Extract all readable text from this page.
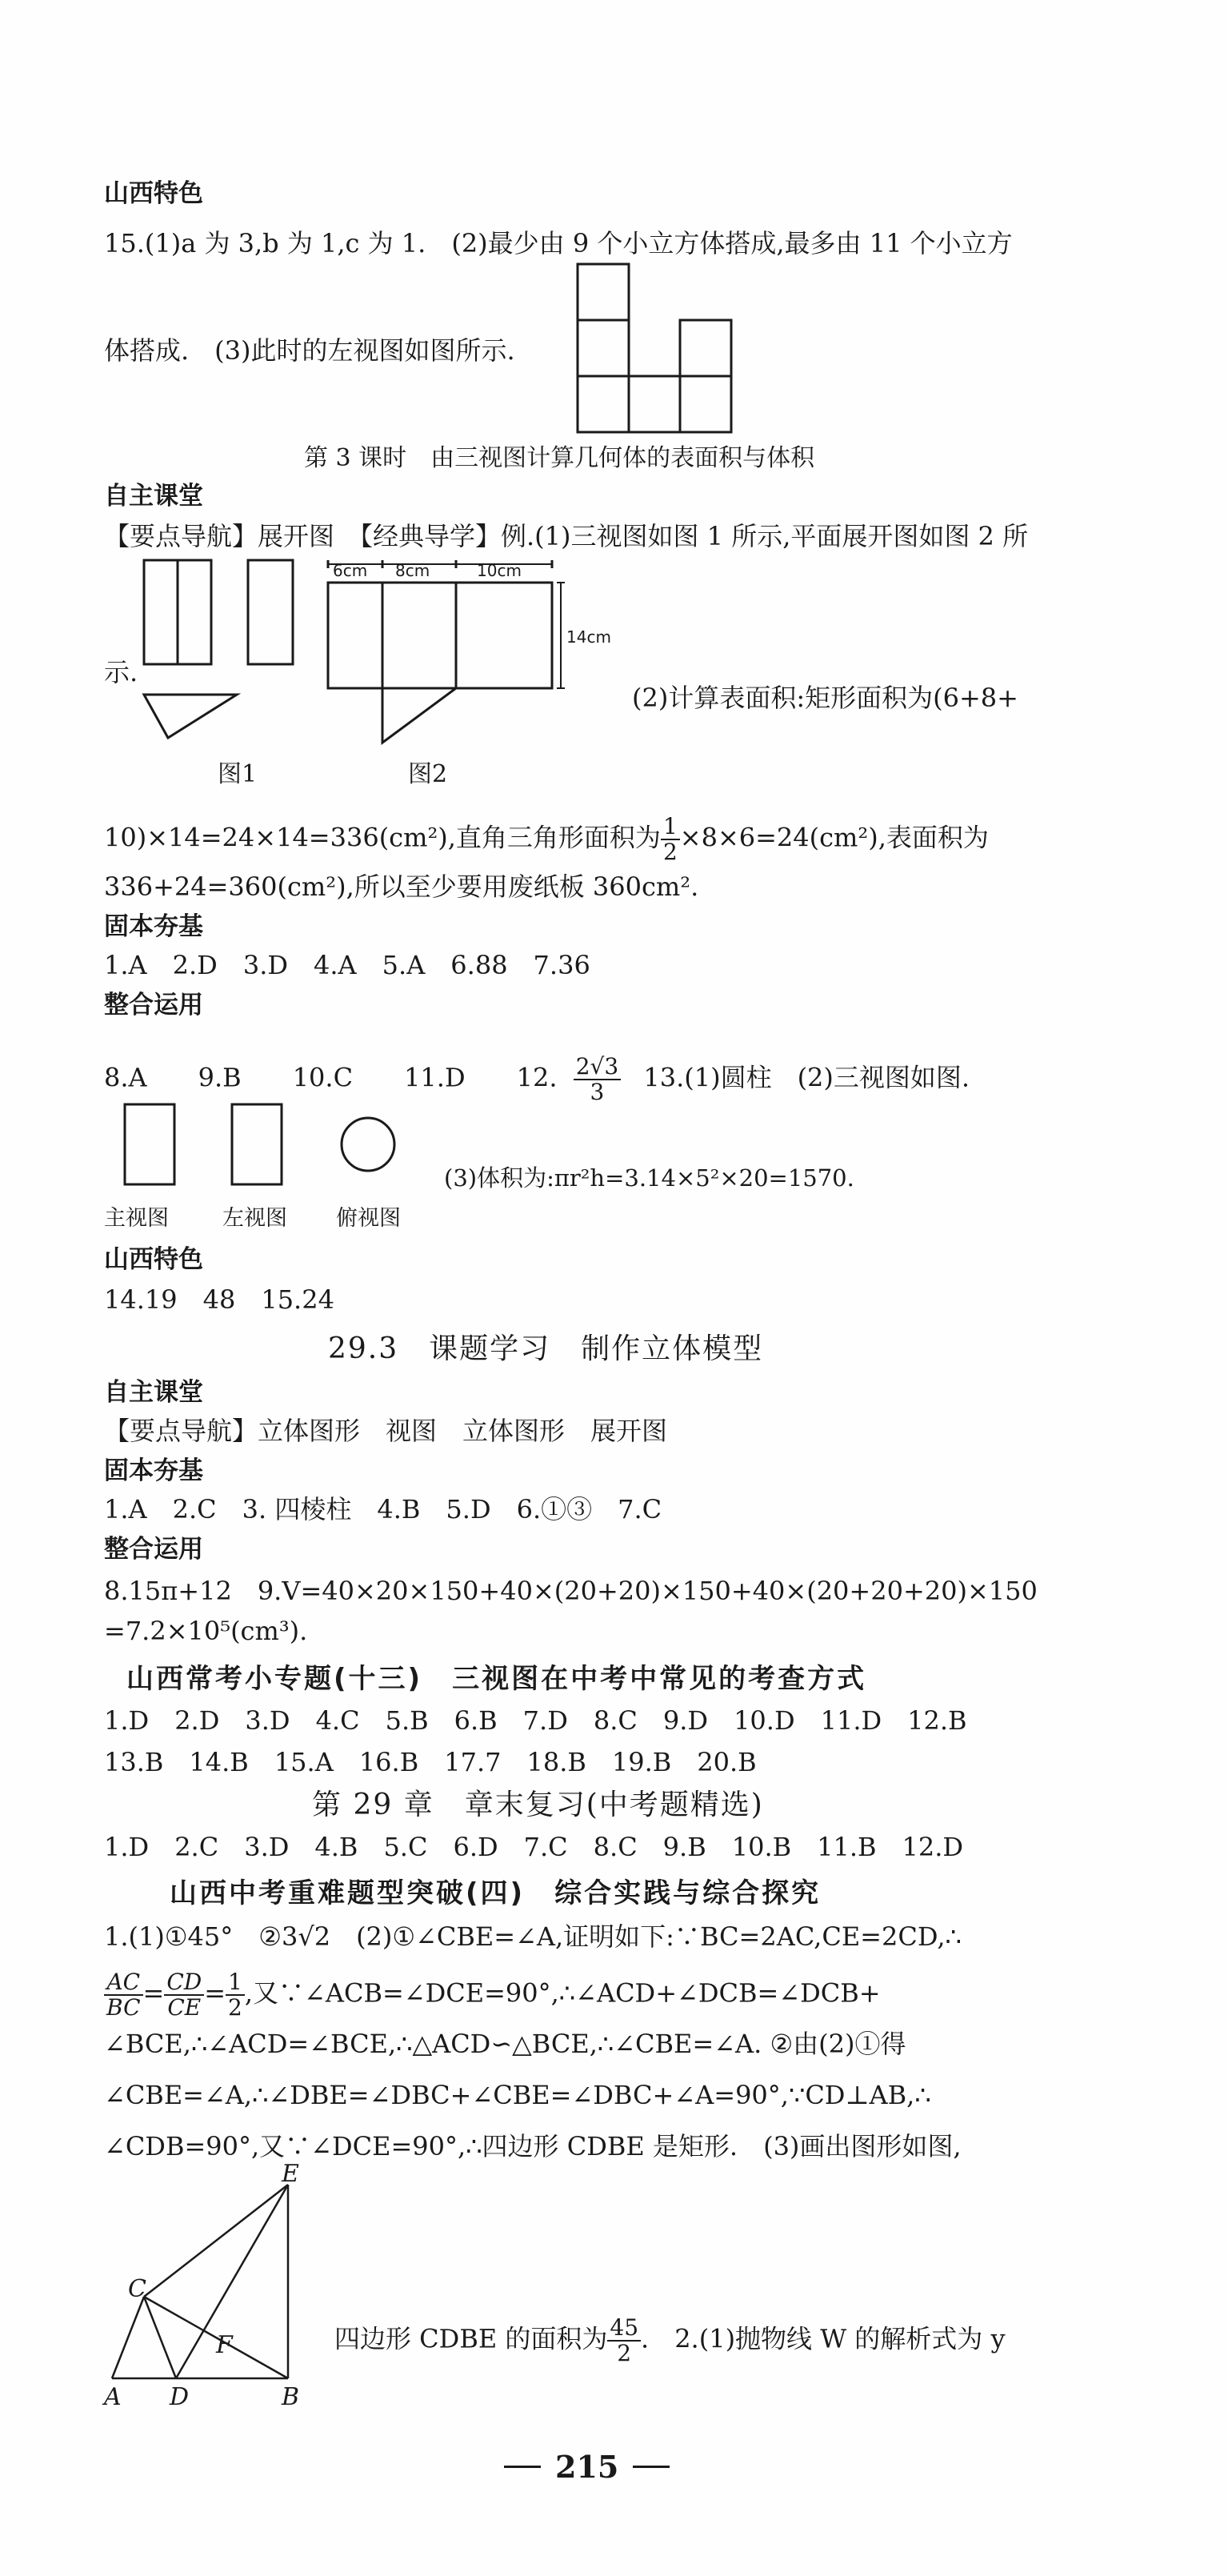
山西特色
15.(1)a 为 3,b 为 1,c 为 1.　(2)最少由 9 个小立方体搭成,最多由 11 个小立方
体搭成.　(3)此时的左视图如图所示.
第 3 课时　由三视图计算几何体的表面积与体积
自主课堂
【要点导航】展开图　【经典导学】例.(1)三视图如图 1 所示,平面展开图如图 2 所
示.
6cm 8cm	10cm
14cm
(2)计算表面积:矩形面积为(6+8+
图1	图2
10)×14=24×14=336(cm²),直角三角形面积为 $\frac{1}{2} \times 8\times 6=24(cm^2)$,表面积为
336+24=360(cm²),所以至少要用废纸板 360cm².
固本夯基
1.A　2.D　3.D　4.A　5.A　6.88　7.36
整合运用
8.A　　9.B　　10.C　　11.D　　12. $\frac{2√3}{3} 13.(1)$圆柱　(2)三视图如图.
(3)体积为:πr²h=3.14×5²×20=1570.
主视图 左视图 俯视图
山西特色
14.19　48　15.24
29.3　课题学习　制作立体模型
自主课堂
【要点导航】立体图形　视图　立体图形　展开图
固本夯基
1.A　2.C　3. 四棱柱　4.B　5.D　6.①③　7.C
整合运用
8.15π+12　9.V=40×20×150+40×(20+20)×150+40×(20+20+20)×150
=7.2×10⁵(cm³).
山西常考小专题(十三)　三视图在中考中常见的考查方式
1.D　2.D　3.D　4.C　5.B　6.B　7.D　8.C　9.D　10.D　11.D　12.B
13.B　14.B　15.A　16.B　17.7　18.B　19.B　20.B
第 29 章　章末复习(中考题精选)
1.D　2.C　3.D　4.B　5.C　6.D　7.C　8.C　9.B　10.B　11.B　12.D
山西中考重难题型突破(四)　综合实践与综合探究
1.(1)①45°　②3√2　(2)①∠CBE=∠A,证明如下:∵BC=2AC,CE=2CD,∴
$\frac{AC}{BC} = \frac{CD}{CE} = \frac{1}{2}$ ,又∵∠ACB=∠DCE=90°,∴∠ACD+∠DCB=∠DCB+
∠BCE,∴∠ACD=∠BCE,∴△ACD∽△BCE,∴∠CBE=∠A. ②由(2)①得
∠CBE=∠A,∴∠DBE=∠DBC+∠CBE=∠DBC+∠A=90°,∵CD⊥AB,∴
∠CDB=90°,又∵∠DCE=90°,∴四边形 CDBE 是矩形.　(3)画出图形如图,
E
C
F
A D	B
四边形 CDBE 的面积为 $\frac{45}{2}$ .　2.(1)抛物线 W 的解析式为 y
215
